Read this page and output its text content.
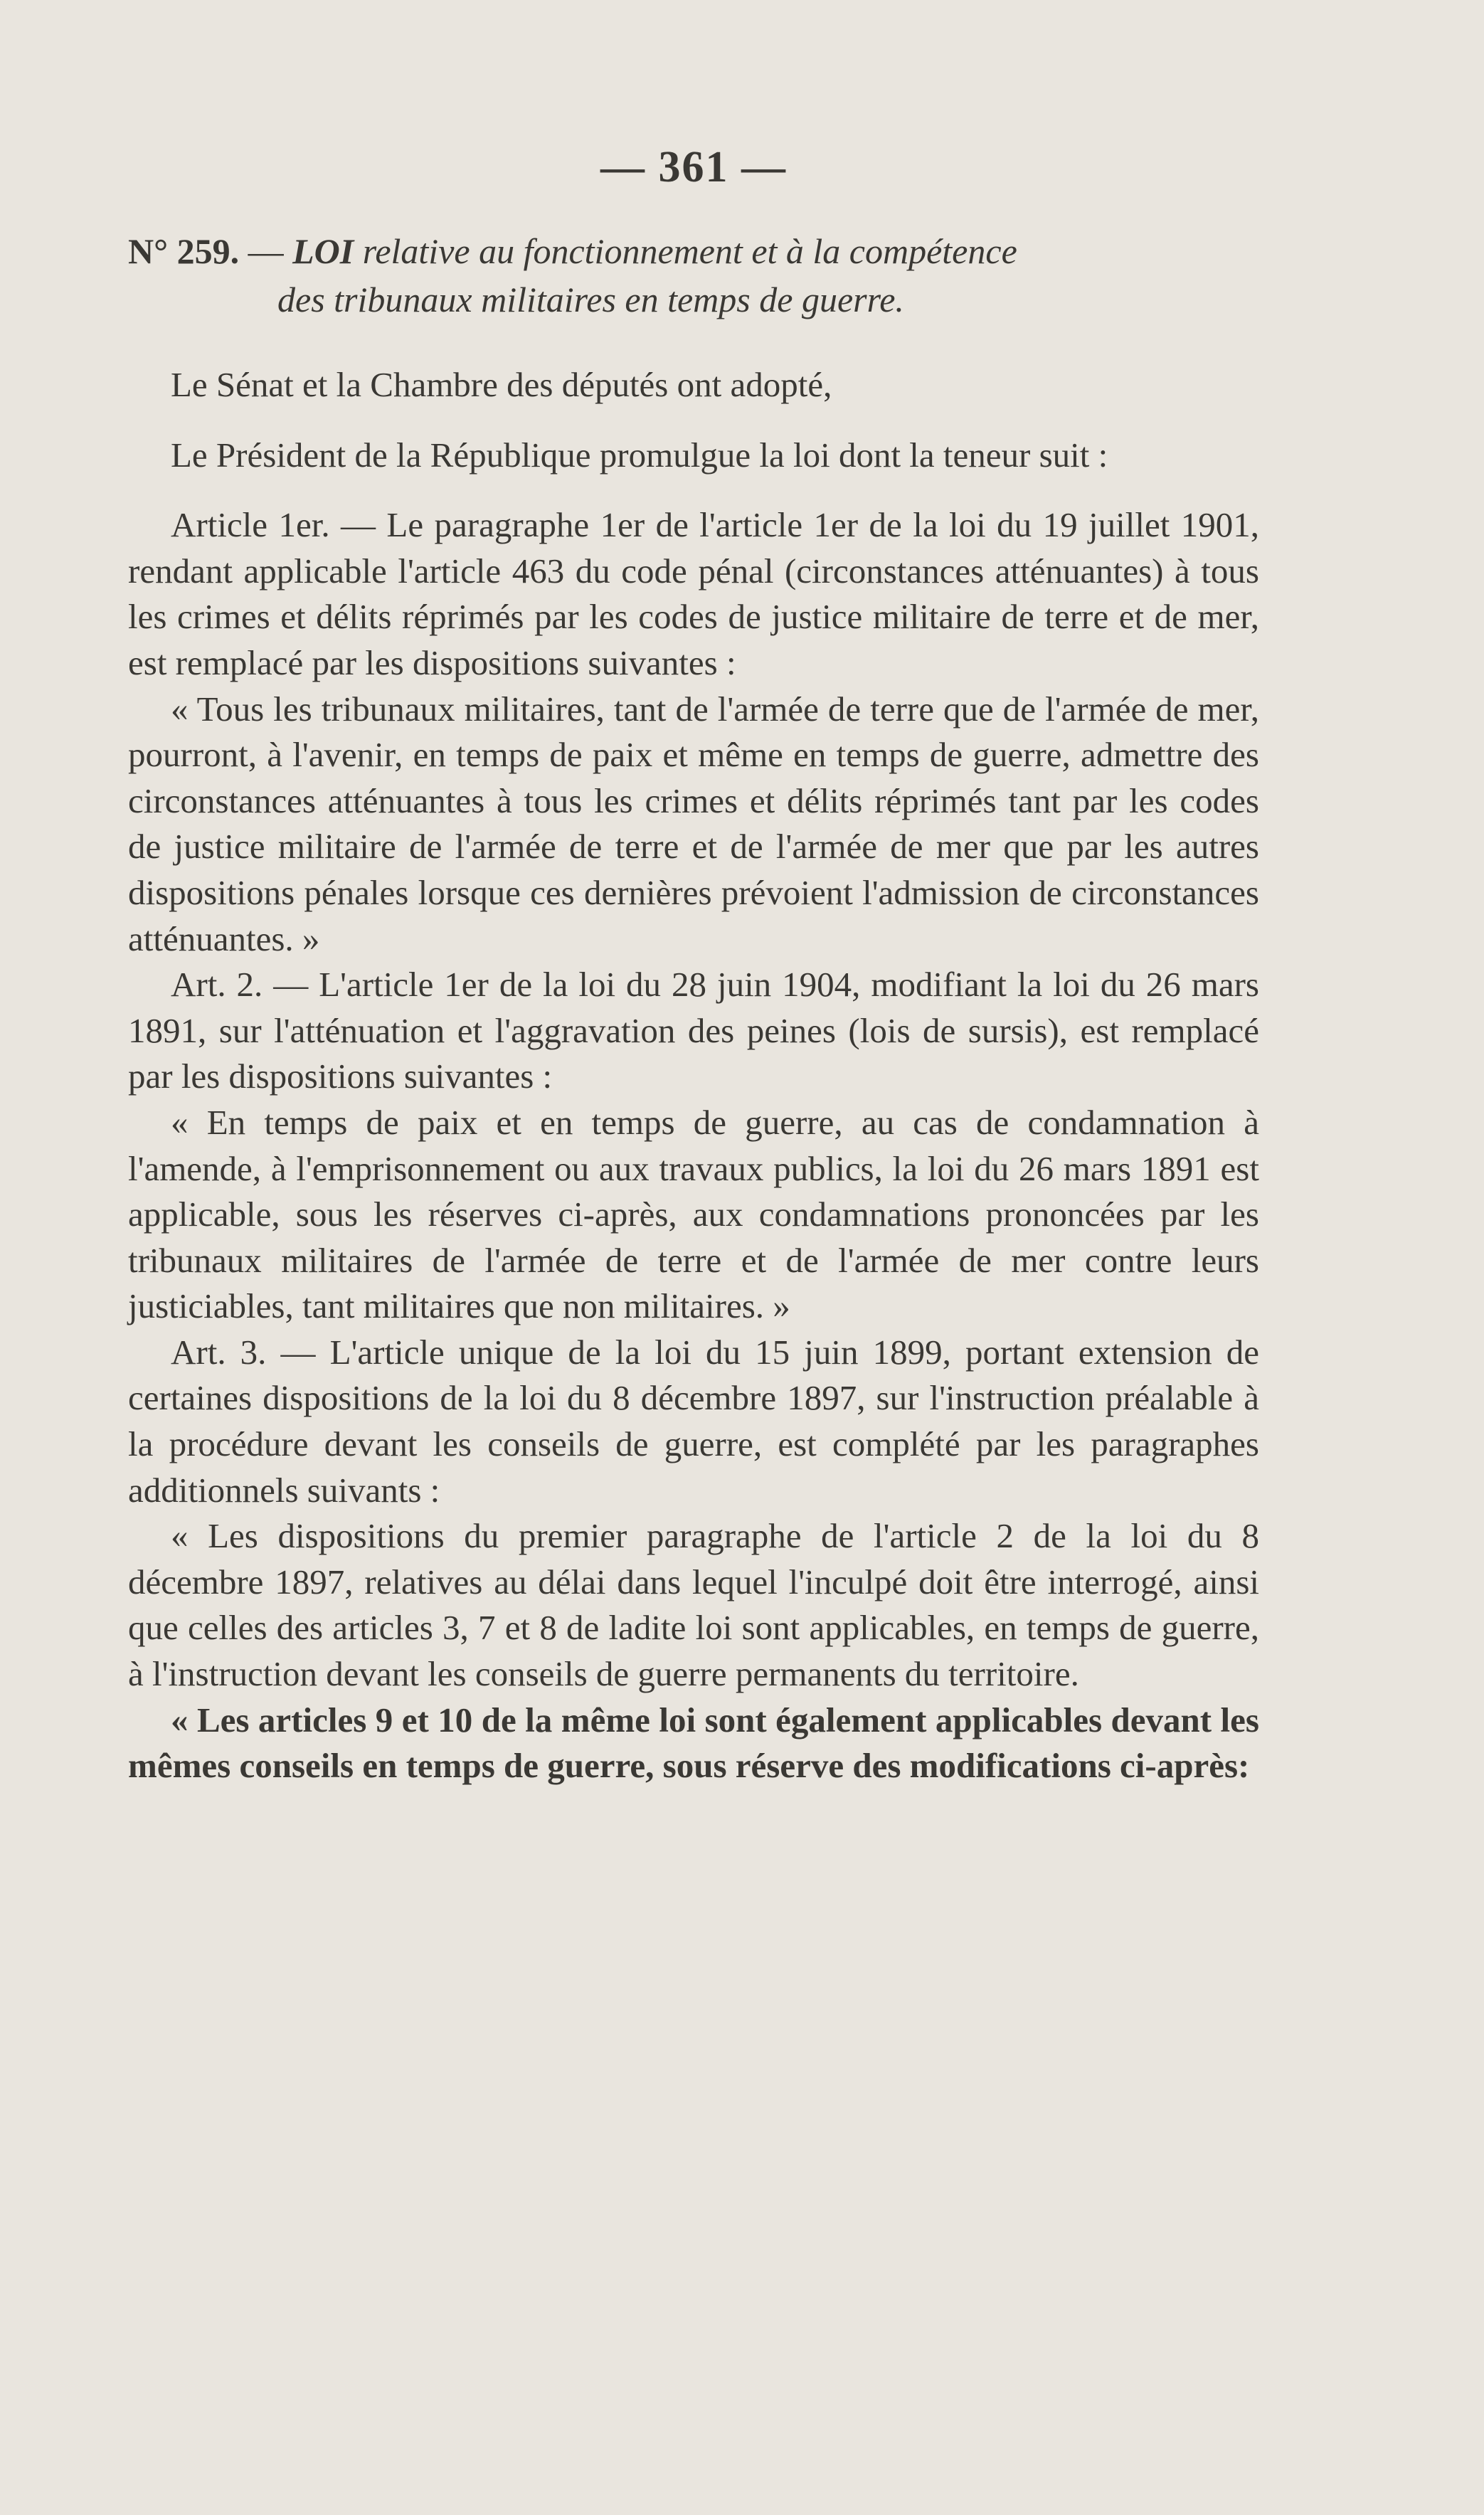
— 361 —
N° 259. — LOI relative au fonctionnement et à la compétence
des tribunaux militaires en temps de guerre.

Le Sénat et la Chambre des députés ont adopté,

Le Président de la République promulgue la loi dont la teneur suit :

Article 1er. — Le paragraphe 1er de l'article 1er de la loi du 19 juillet 1901, rendant applicable l'article 463 du code pénal (circonstances atténuantes) à tous les crimes et délits réprimés par les codes de justice militaire de terre et de mer, est remplacé par les dispositions suivantes :

« Tous les tribunaux militaires, tant de l'armée de terre que de l'armée de mer, pourront, à l'avenir, en temps de paix et même en temps de guerre, admettre des circonstances atténuantes à tous les crimes et délits réprimés tant par les codes de justice militaire de l'armée de terre et de l'armée de mer que par les autres dispositions pénales lorsque ces dernières prévoient l'admission de circonstances atténuantes. »

Art. 2. — L'article 1er de la loi du 28 juin 1904, modifiant la loi du 26 mars 1891, sur l'atténuation et l'aggravation des peines (lois de sursis), est remplacé par les dispositions suivantes :

« En temps de paix et en temps de guerre, au cas de condamnation à l'amende, à l'emprisonnement ou aux travaux publics, la loi du 26 mars 1891 est applicable, sous les réserves ci-après, aux condamnations prononcées par les tribunaux militaires de l'armée de terre et de l'armée de mer contre leurs justiciables, tant militaires que non militaires. »

Art. 3. — L'article unique de la loi du 15 juin 1899, portant extension de certaines dispositions de la loi du 8 décembre 1897, sur l'instruction préalable à la procédure devant les conseils de guerre, est complété par les paragraphes additionnels suivants :

« Les dispositions du premier paragraphe de l'article 2 de la loi du 8 décembre 1897, relatives au délai dans lequel l'inculpé doit être interrogé, ainsi que celles des articles 3, 7 et 8 de ladite loi sont applicables, en temps de guerre, à l'instruction devant les conseils de guerre permanents du territoire.

« Les articles 9 et 10 de la même loi sont également applicables devant les mêmes conseils en temps de guerre, sous réserve des modifications ci-après:
